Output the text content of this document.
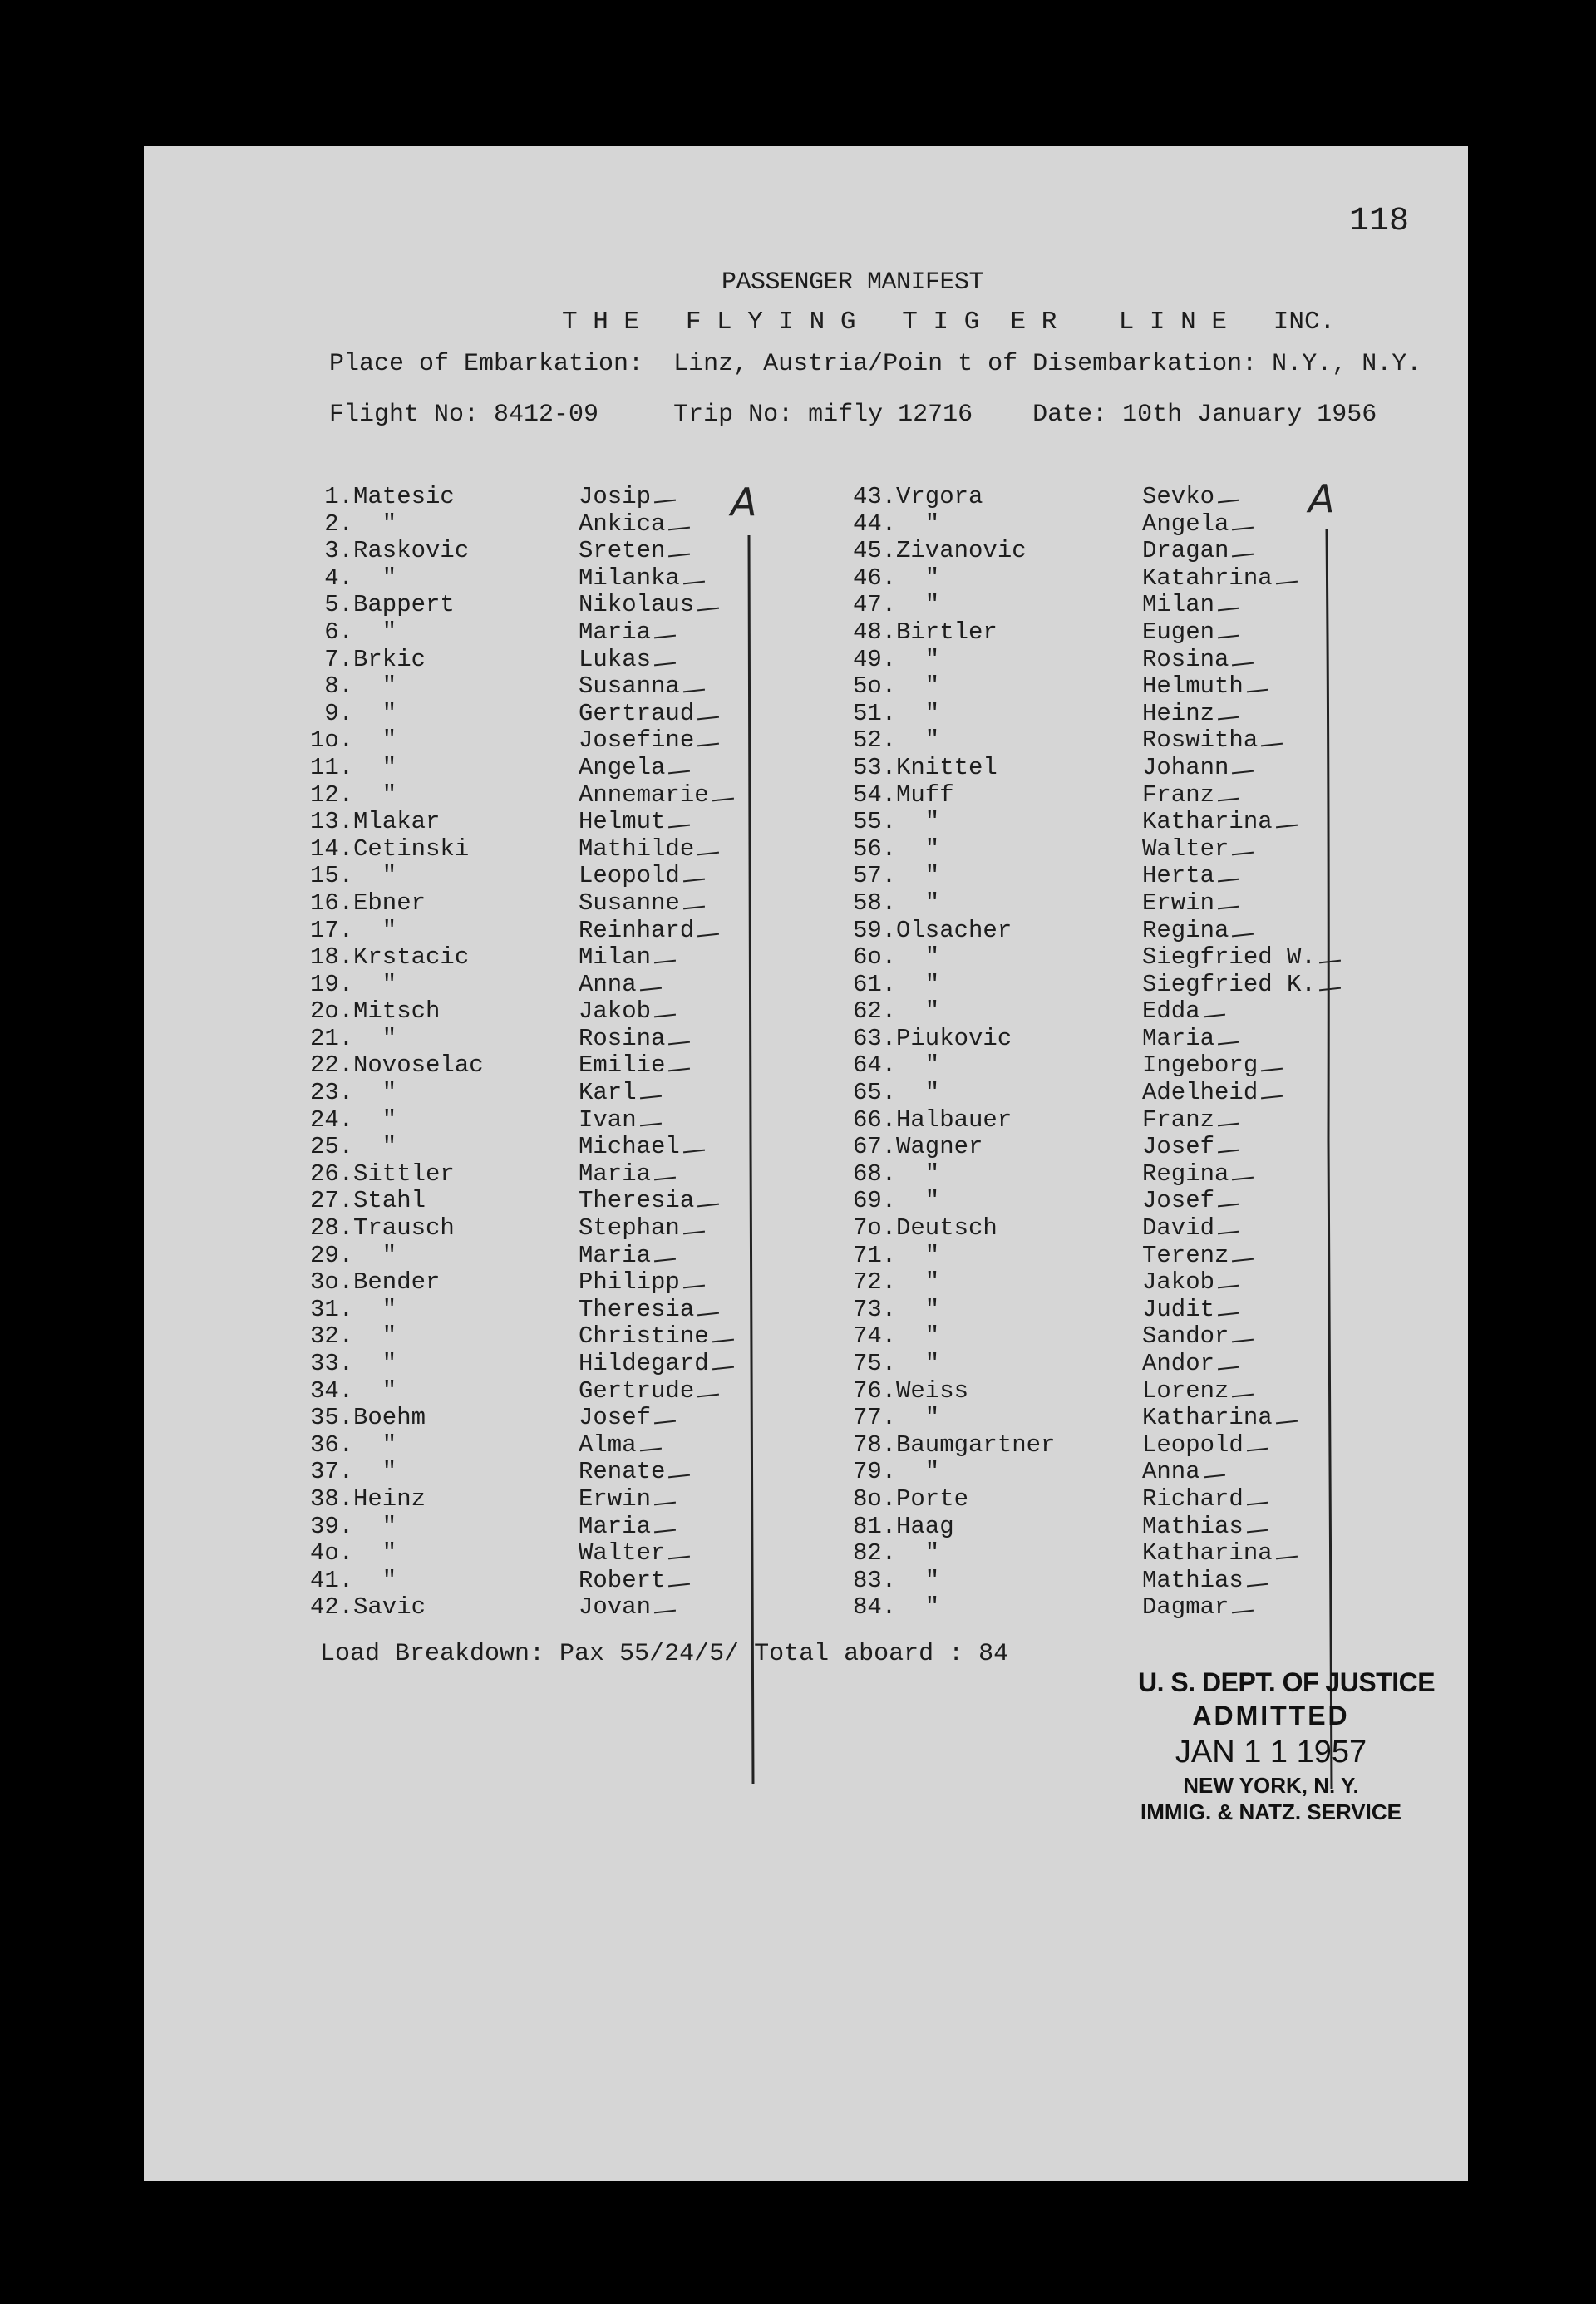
118
PASSENGER MANIFEST
T H E   F L Y I N G   T I G  E R    L I N E   INC.
Place of Embarkation:  Linz, Austria/Poin t of Disembarkation: N.Y., N.Y.
Flight No: 8412-09     Trip No: mifly 12716    Date: 10th January 1956
1. Matesic	Josip
2. "	Ankica
3. Raskovic	Sreten
4. "	Milanka
5. Bappert	Nikolaus
6. "	Maria
7. Brkic	Lukas
8. "	Susanna
9. "	Gertraud
1o. "	Josefine
11. "	Angela
12. "	Annemarie
13. Mlakar	Helmut
14. Cetinski	Mathilde
15. "	Leopold
16. Ebner	Susanne
17. "	Reinhard
18. Krstacic	Milan
19. "	Anna
2o. Mitsch	Jakob
21. "	Rosina
22. Novoselac	Emilie
23. "	Karl
24. "	Ivan
25. "	Michael
26. Sittler	Maria
27. Stahl	Theresia
28. Trausch	Stephan
29. "	Maria
3o. Bender	Philipp
31. "	Theresia
32. "	Christine
33. "	Hildegard
34. "	Gertrude
35. Boehm	Josef
36. "	Alma
37. "	Renate
38. Heinz	Erwin
39. "	Maria
4o. "	Walter
41. "	Robert
42. Savic	Jovan
43. Vrgora	Sevko
44. "	Angela
45. Zivanovic	Dragan
46. "	Katahrina
47. "	Milan
48. Birtler	Eugen
49. "	Rosina
5o. "	Helmuth
51. "	Heinz
52. "	Roswitha
53. Knittel	Johann
54. Muff	Franz
55. "	Katharina
56. "	Walter
57. "	Herta
58. "	Erwin
59. Olsacher	Regina
6o. "	Siegfried W.
61. "	Siegfried K.
62. "	Edda
63. Piukovic	Maria
64. "	Ingeborg
65. "	Adelheid
66. Halbauer	Franz
67. Wagner	Josef
68. "	Regina
69. "	Josef
7o. Deutsch	David
71. "	Terenz
72. "	Jakob
73. "	Judit
74. "	Sandor
75. "	Andor
76. Weiss	Lorenz
77. "	Katharina
78. Baumgartner	Leopold
79. "	Anna
8o. Porte	Richard
81. Haag	Mathias
82. "	Katharina
83. "	Mathias
84. "	Dagmar
A	A
Load Breakdown: Pax 55/24/5/ Total aboard : 84
U. S. DEPT. OF JUSTICE
ADMITTED
JAN 1 1 1957
NEW YORK, N. Y.
IMMIG. & NATZ. SERVICE
